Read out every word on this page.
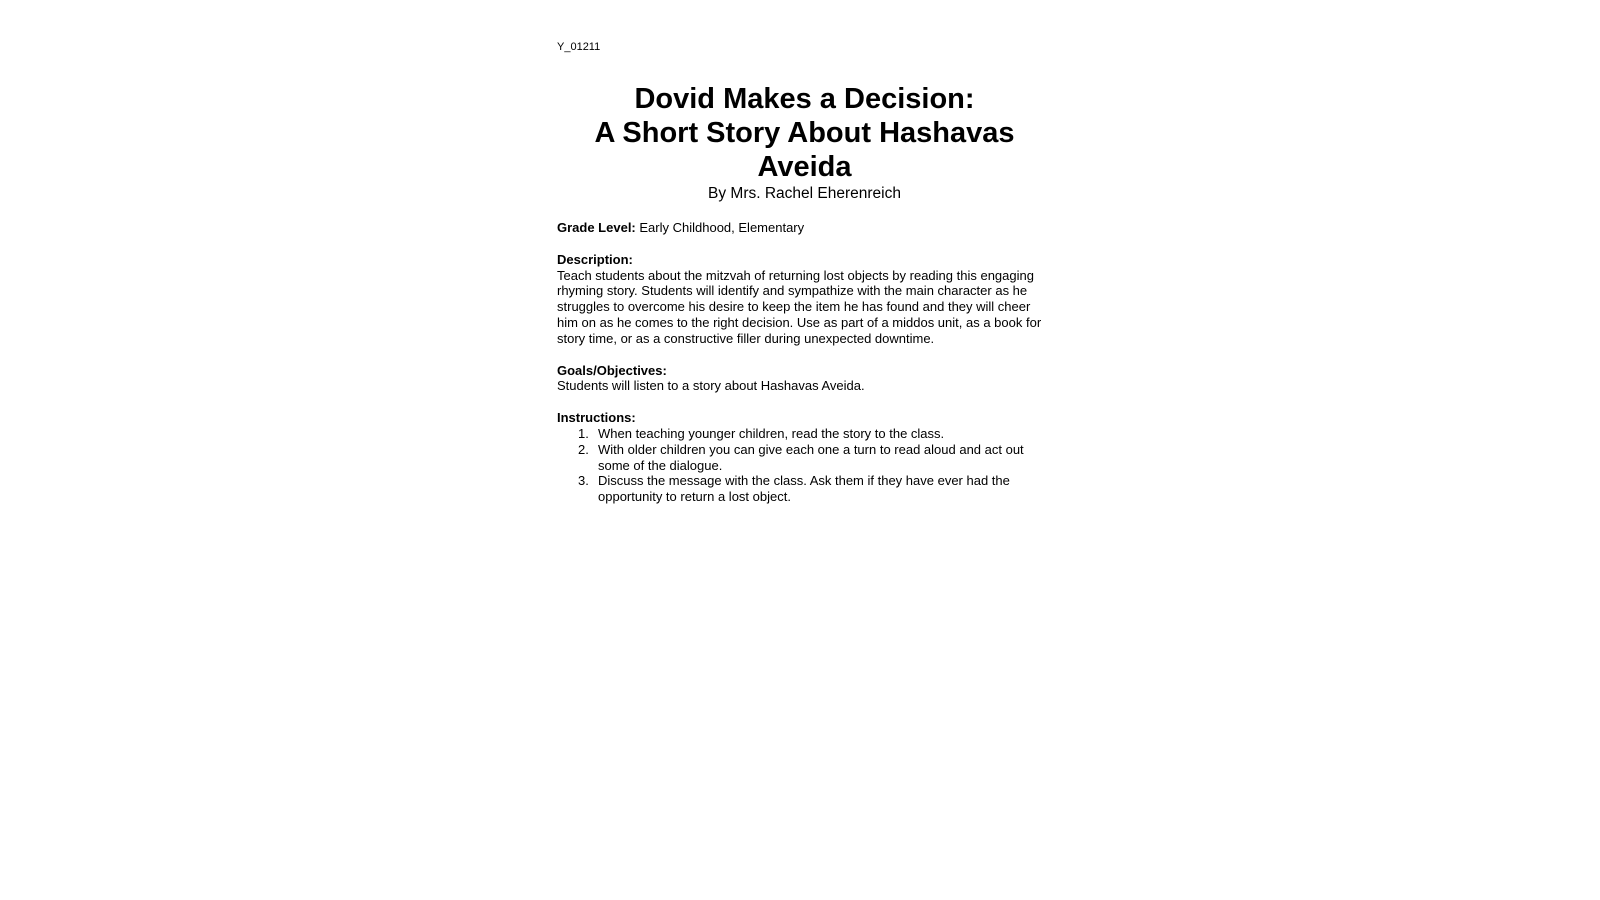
Y_01211

Dovid Makes a Decision:

A Short Story About Hashavas

Aveida

By Mrs. Rachel Eherenreich

Grade Level: Early Childhood, Elementary

Description:

Teach students about the mitzvah of returning lost objects by reading this engaging rhyming story. Students will identify and sympathize with the main character as he struggles to overcome his desire to keep the item he has found and they will cheer him on as he comes to the right decision. Use as part of a middos unit, as a book for story time, or as a constructive filler during unexpected downtime.

Goals/Objectives:

Students will listen to a story about Hashavas Aveida.

Instructions:

1. When teaching younger children, read the story to the class.
2. With older children you can give each one a turn to read aloud and act out some of the dialogue.
3. Discuss the message with the class. Ask them if they have ever had the opportunity to return a lost object.
